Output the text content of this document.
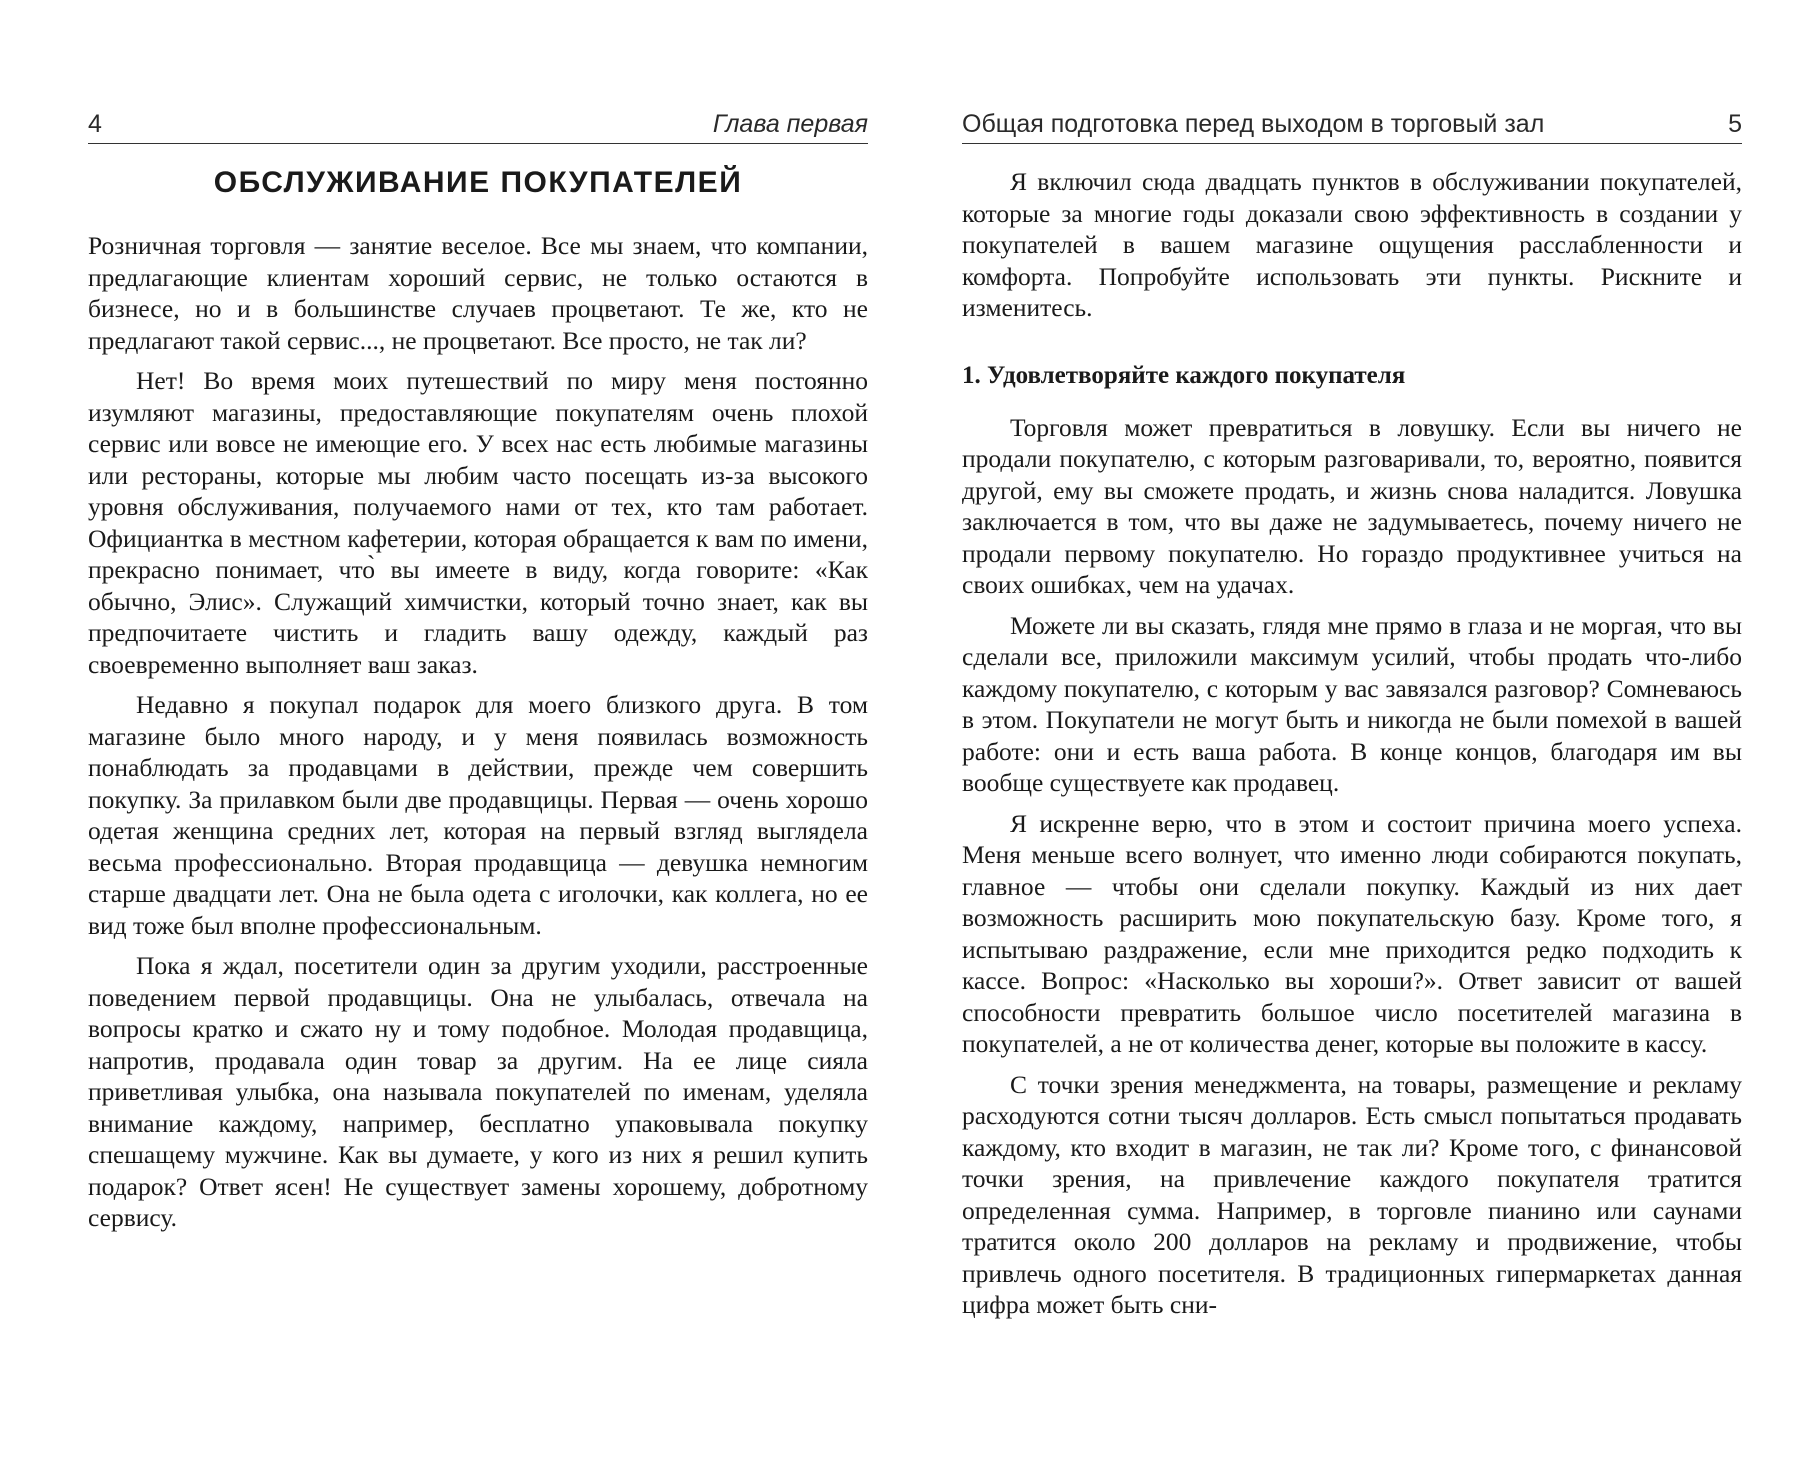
4	Глава первая
ОБСЛУЖИВАНИЕ ПОКУПАТЕЛЕЙ

Розничная торговля — занятие веселое. Все мы знаем, что компании, предлагающие клиентам хороший сервис, не только остаются в бизнесе, но и в большинстве случаев процветают. Те же, кто не предлагают такой сервис..., не процветают. Все просто, не так ли?

Нет! Во время моих путешествий по миру меня постоянно изумляют магазины, предоставляющие покупателям очень плохой сервис или вовсе не имеющие его. У всех нас есть любимые магазины или рестораны, которые мы любим часто посещать из-за высокого уровня обслуживания, получаемого нами от тех, кто там работает. Официантка в местном кафетерии, которая обращается к вам по имени, прекрасно понимает, что̀ вы имеете в виду, когда говорите: «Как обычно, Элис». Служащий химчистки, который точно знает, как вы предпочитаете чистить и гладить вашу одежду, каждый раз своевременно выполняет ваш заказ.

Недавно я покупал подарок для моего близкого друга. В том магазине было много народу, и у меня появилась возможность понаблюдать за продавцами в действии, прежде чем совершить покупку. За прилавком были две продавщицы. Первая — очень хорошо одетая женщина средних лет, которая на первый взгляд выглядела весьма профессионально. Вторая продавщица — девушка немногим старше двадцати лет. Она не была одета с иголочки, как коллега, но ее вид тоже был вполне профессиональным.

Пока я ждал, посетители один за другим уходили, расстроенные поведением первой продавщицы. Она не улыбалась, отвечала на вопросы кратко и сжато ну и тому подобное. Молодая продавщица, напротив, продавала один товар за другим. На ее лице сияла приветливая улыбка, она называла покупателей по именам, уделяла внимание каждому, например, бесплатно упаковывала покупку спешащему мужчине. Как вы думаете, у кого из них я решил купить подарок? Ответ ясен! Не существует замены хорошему, добротному сервису.

Общая подготовка перед выходом в торговый зал	5

Я включил сюда двадцать пунктов в обслуживании покупателей, которые за многие годы доказали свою эффективность в создании у покупателей в вашем магазине ощущения расслабленности и комфорта. Попробуйте использовать эти пункты. Рискните и изменитесь.

1. Удовлетворяйте каждого покупателя

Торговля может превратиться в ловушку. Если вы ничего не продали покупателю, с которым разговаривали, то, вероятно, появится другой, ему вы сможете продать, и жизнь снова наладится. Ловушка заключается в том, что вы даже не задумываетесь, почему ничего не продали первому покупателю. Но гораздо продуктивнее учиться на своих ошибках, чем на удачах.

Можете ли вы сказать, глядя мне прямо в глаза и не моргая, что вы сделали все, приложили максимум усилий, чтобы продать что-либо каждому покупателю, с которым у вас завязался разговор? Сомневаюсь в этом. Покупатели не могут быть и никогда не были помехой в вашей работе: они и есть ваша работа. В конце концов, благодаря им вы вообще существуете как продавец.

Я искренне верю, что в этом и состоит причина моего успеха. Меня меньше всего волнует, что именно люди собираются покупать, главное — чтобы они сделали покупку. Каждый из них дает возможность расширить мою покупательскую базу. Кроме того, я испытываю раздражение, если мне приходится редко подходить к кассе. Вопрос: «Насколько вы хороши?». Ответ зависит от вашей способности превратить большое число посетителей магазина в покупателей, а не от количества денег, которые вы положите в кассу.

С точки зрения менеджмента, на товары, размещение и рекламу расходуются сотни тысяч долларов. Есть смысл попытаться продавать каждому, кто входит в магазин, не так ли? Кроме того, с финансовой точки зрения, на привлечение каждого покупателя тратится определенная сумма. Например, в торговле пианино или саунами тратится около 200 долларов на рекламу и продвижение, чтобы привлечь одного посетителя. В традиционных гипермаркетах данная цифра может быть сни-
